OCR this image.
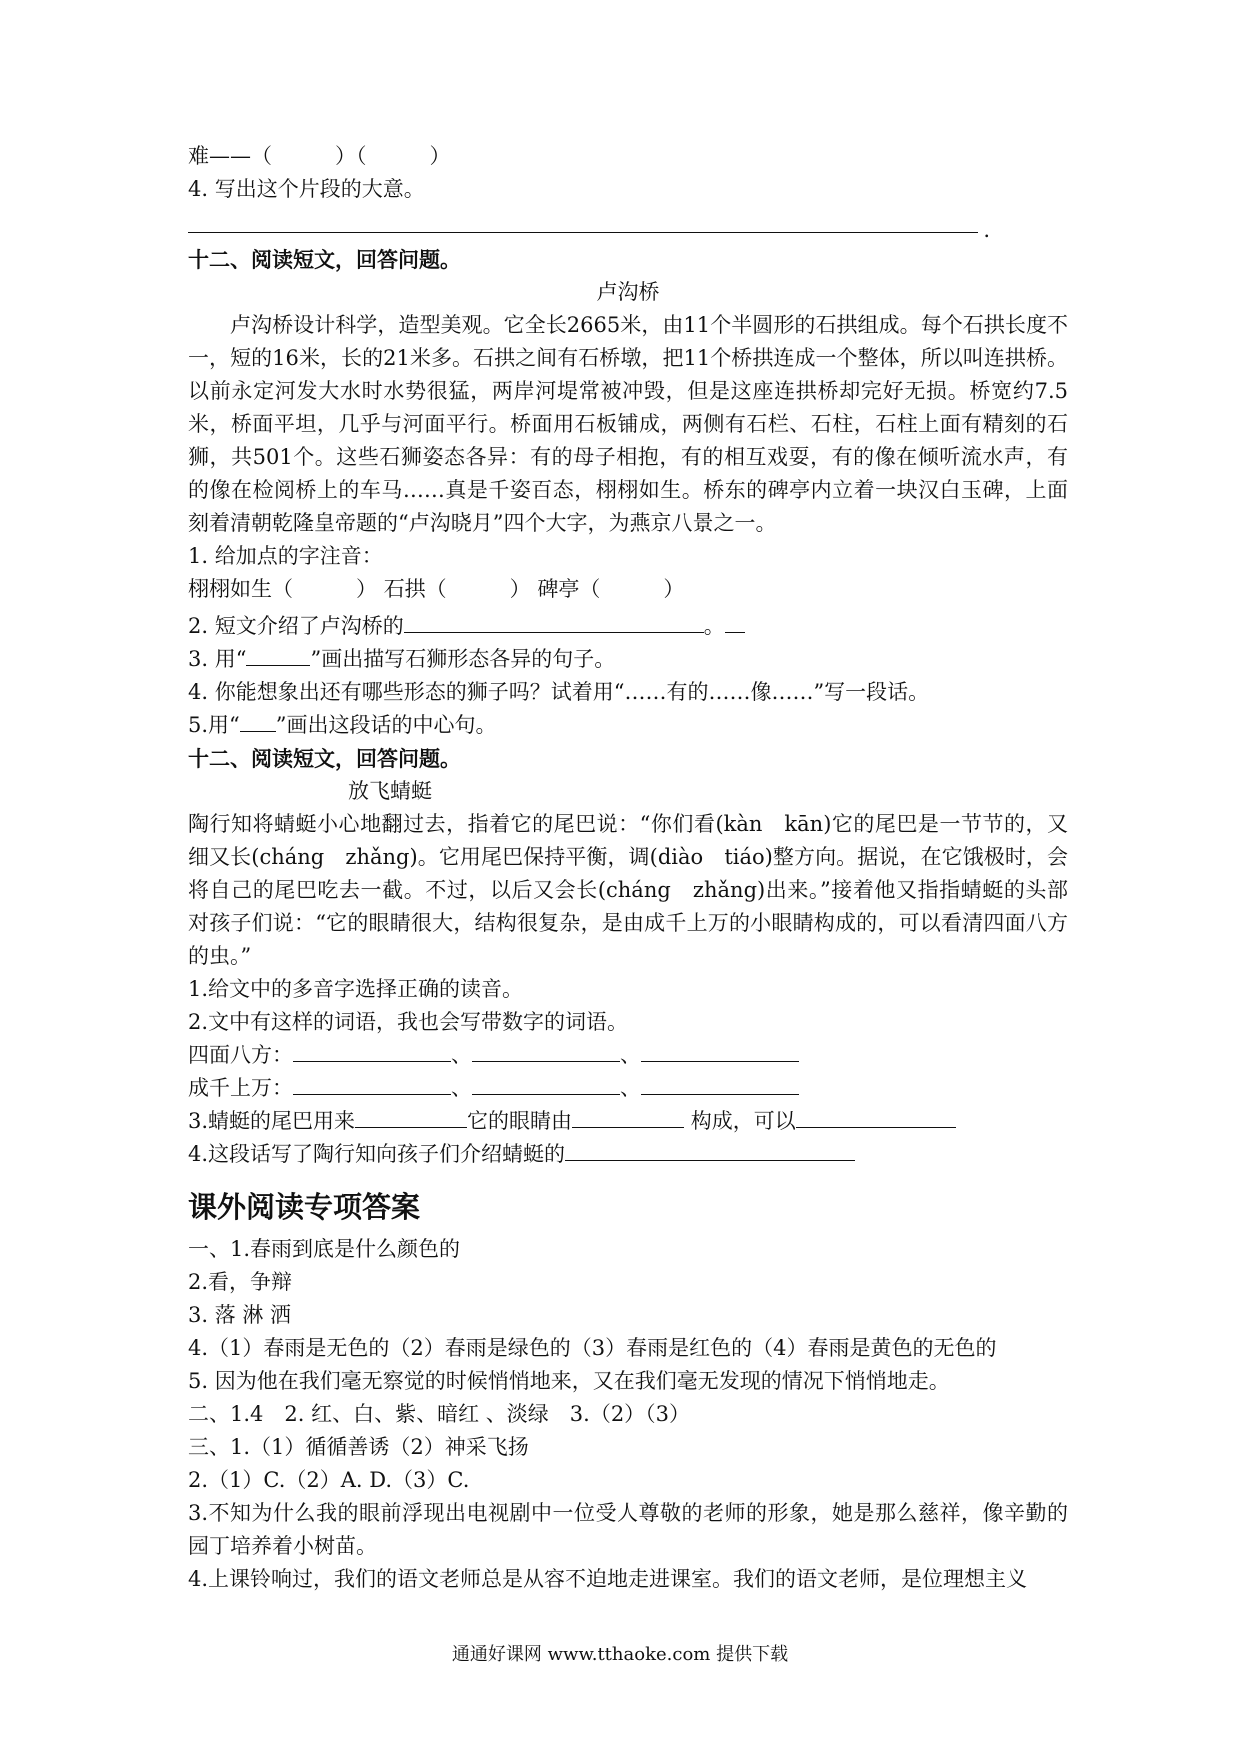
难——（　　　）（　　　）
4. 写出这个片段的大意。
.
十二、阅读短文，回答问题。
卢沟桥
卢沟桥设计科学，造型美观。它全长2665米，由11个半圆形的石拱组成。每个石拱长度不一，短的16米，长的21米多。石拱之间有石桥墩，把11个桥拱连成一个整体，所以叫连拱桥。以前永定河发大水时水势很猛，两岸河堤常被冲毁，但是这座连拱桥却完好无损。桥宽约7.5米，桥面平坦，几乎与河面平行。桥面用石板铺成，两侧有石栏、石柱，石柱上面有精刻的石狮，共501个。这些石狮姿态各异：有的母子相抱，有的相互戏耍，有的像在倾听流水声，有的像在检阅桥上的车马……真是千姿百态，栩栩如生。桥东的碑亭内立着一块汉白玉碑，上面刻着清朝乾隆皇帝题的“卢沟晓月”四个大字，为燕京八景之一。
1. 给加点的字注音：
栩栩如生（　　　） 石拱（　　　） 碑亭（　　　）
2. 短文介绍了卢沟桥的	。
3. 用“	”画出描写石狮形态各异的句子。
4. 你能想象出还有哪些形态的狮子吗？试着用“……有的……像……”写一段话。
5.用“ ”画出这段话的中心句。
十二、阅读短文，回答问题。
放飞蜻蜓
陶行知将蜻蜓小心地翻过去，指着它的尾巴说：“你们看(kàn　kān)它的尾巴是一节节的，又细又长(cháng　zhǎng)。它用尾巴保持平衡，调(diào　tiáo)整方向。据说，在它饿极时，会将自己的尾巴吃去一截。不过，以后又会长(cháng　zhǎng)出来。”接着他又指指蜻蜓的头部对孩子们说：“它的眼睛很大，结构很复杂，是由成千上万的小眼睛构成的，可以看清四面八方的虫。”
1.给文中的多音字选择正确的读音。
2.文中有这样的词语，我也会写带数字的词语。
四面八方：	、	、
成千上万：	、	、
3.蜻蜓的尾巴用来	它的眼睛由	构成，可以
4.这段话写了陶行知向孩子们介绍蜻蜓的
课外阅读专项答案
一、1.春雨到底是什么颜色的
2.看，争辩
3. 落 淋 洒
4.（1）春雨是无色的（2）春雨是绿色的（3）春雨是红色的（4）春雨是黄色的无色的
5. 因为他在我们毫无察觉的时候悄悄地来，又在我们毫无发现的情况下悄悄地走。
二、1.4　2. 红、白、紫、暗红 、淡绿　3.（2）（3）
三、1.（1）循循善诱（2）神采飞扬
2.（1）C.（2）A. D.（3）C.
3.不知为什么我的眼前浮现出电视剧中一位受人尊敬的老师的形象，她是那么慈祥，像辛勤的园丁培养着小树苗。
4.上课铃响过，我们的语文老师总是从容不迫地走进课室。我们的语文老师，是位理想主义
通通好课网 www.tthaoke.com 提供下载
